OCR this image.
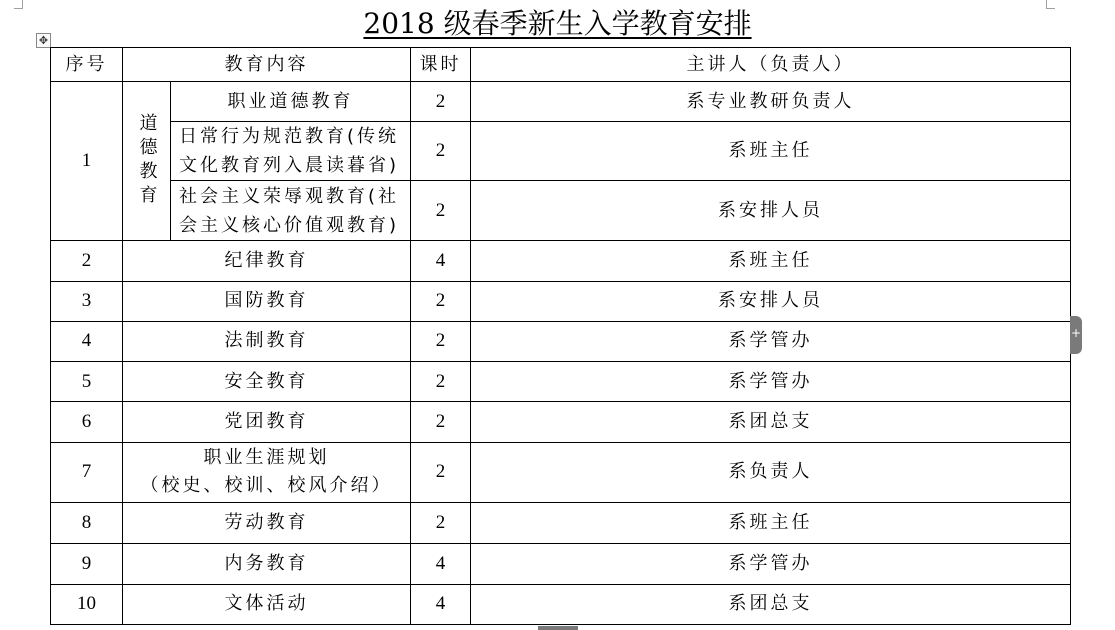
✥
2018 级春季新生入学教育安排
序号	教育内容		课时	主讲人（负责人）
1	道德教育	职业道德教育	2	系专业教研负责人
		日常行为规范教育(传统文化教育列入晨读暮省)	2	系班主任
		社会主义荣辱观教育(社会主义核心价值观教育)	2	系安排人员
2	纪律教育		4	系班主任
3	国防教育		2	系安排人员
4	法制教育		2	系学管办
5	安全教育		2	系学管办
6	党团教育		2	系团总支
7	职业生涯规划
（校史、校训、校风介绍）		2	系负责人
8	劳动教育		2	系班主任
9	内务教育		4	系学管办
10	文体活动		4	系团总支
+
